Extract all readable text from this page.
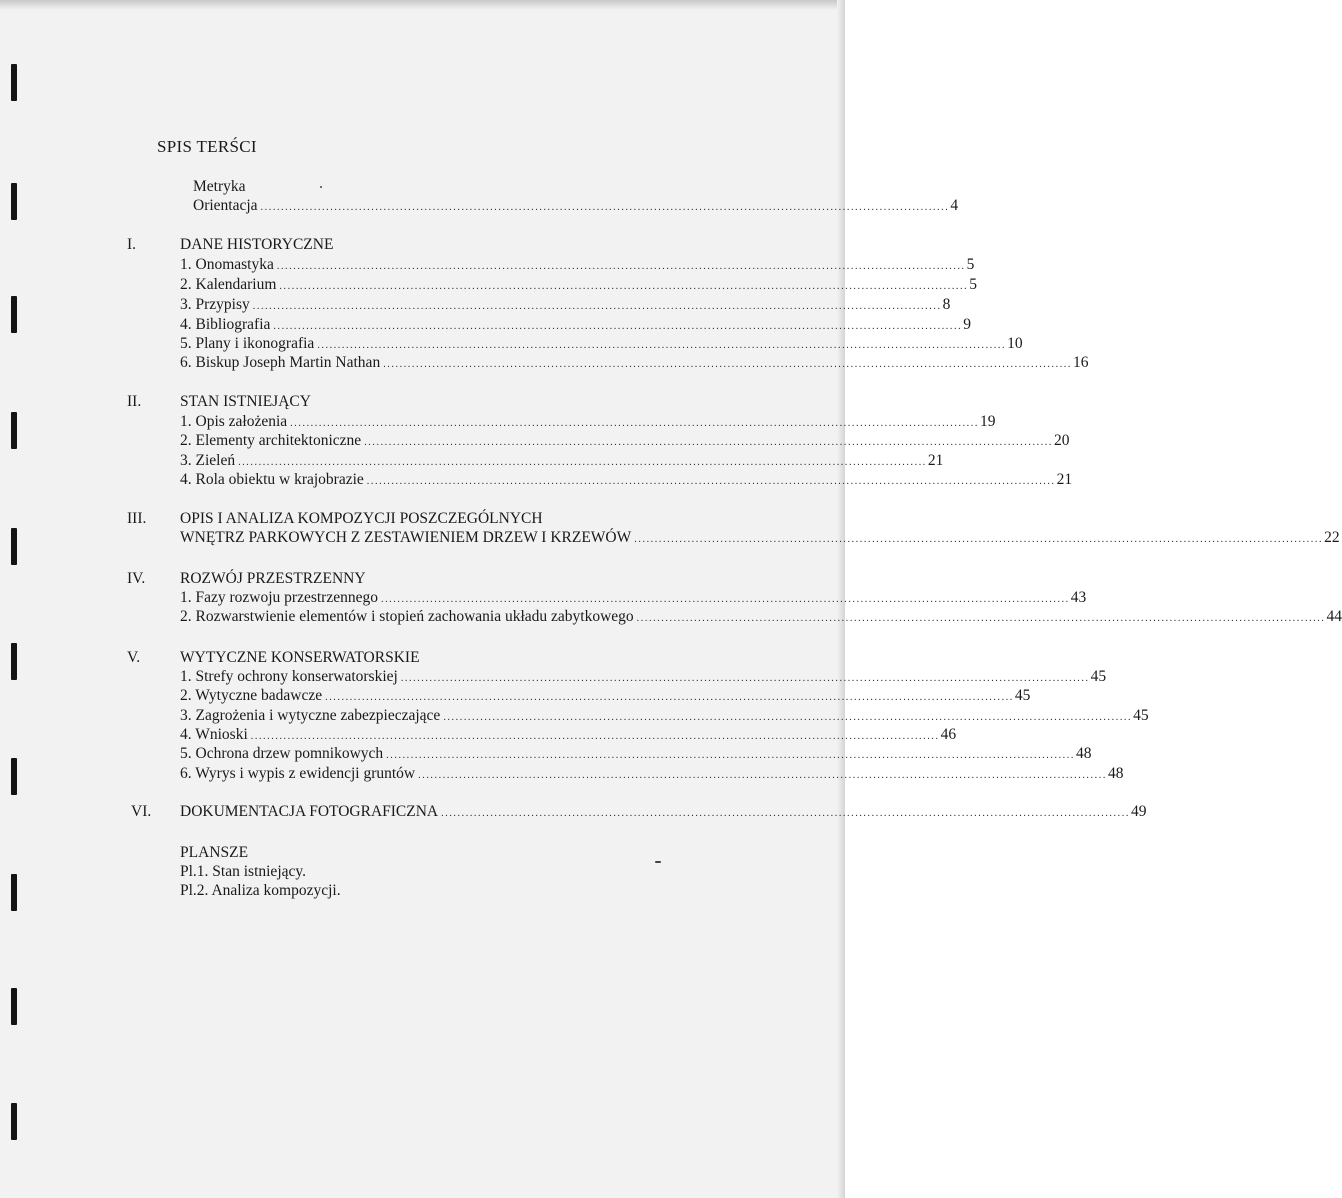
SPIS TERŚCI
Metryka
Orientacja ........................................................................................................................................................................ 4
I.	DANE HISTORYCZNE
1. Onomastyka ........................................................................................................................................................................ 5
2. Kalendarium ........................................................................................................................................................................ 5
3. Przypisy ........................................................................................................................................................................ 8
4. Bibliografia ........................................................................................................................................................................ 9
5. Plany i ikonografia ........................................................................................................................................................................ 10
6. Biskup Joseph Martin Nathan ........................................................................................................................................................................ 16
II.	STAN ISTNIEJĄCY
1. Opis założenia ........................................................................................................................................................................ 19
2. Elementy architektoniczne ........................................................................................................................................................................ 20
3. Zieleń ........................................................................................................................................................................ 21
4. Rola obiektu w krajobrazie ........................................................................................................................................................................ 21
III. OPIS I ANALIZA KOMPOZYCJI POSZCZEGÓLNYCH
WNĘTRZ PARKOWYCH Z ZESTAWIENIEM DRZEW I KRZEWÓW ........................................................................................................................................................................ 22
IV. ROZWÓJ PRZESTRZENNY
1. Fazy rozwoju przestrzennego ........................................................................................................................................................................ 43
2. Rozwarstwienie elementów i stopień zachowania układu zabytkowego ........................................................................................................................................................................ 44
V.	WYTYCZNE KONSERWATORSKIE
1. Strefy ochrony konserwatorskiej ........................................................................................................................................................................ 45
2. Wytyczne badawcze ........................................................................................................................................................................ 45
3. Zagrożenia i wytyczne zabezpieczające ........................................................................................................................................................................ 45
4. Wnioski ........................................................................................................................................................................ 46
5. Ochrona drzew pomnikowych ........................................................................................................................................................................ 48
6. Wyrys i wypis z ewidencji gruntów ........................................................................................................................................................................ 48
VI. DOKUMENTACJA FOTOGRAFICZNA ........................................................................................................................................................................ 49
PLANSZE
Pl.1. Stan istniejący.
Pl.2. Analiza kompozycji.
